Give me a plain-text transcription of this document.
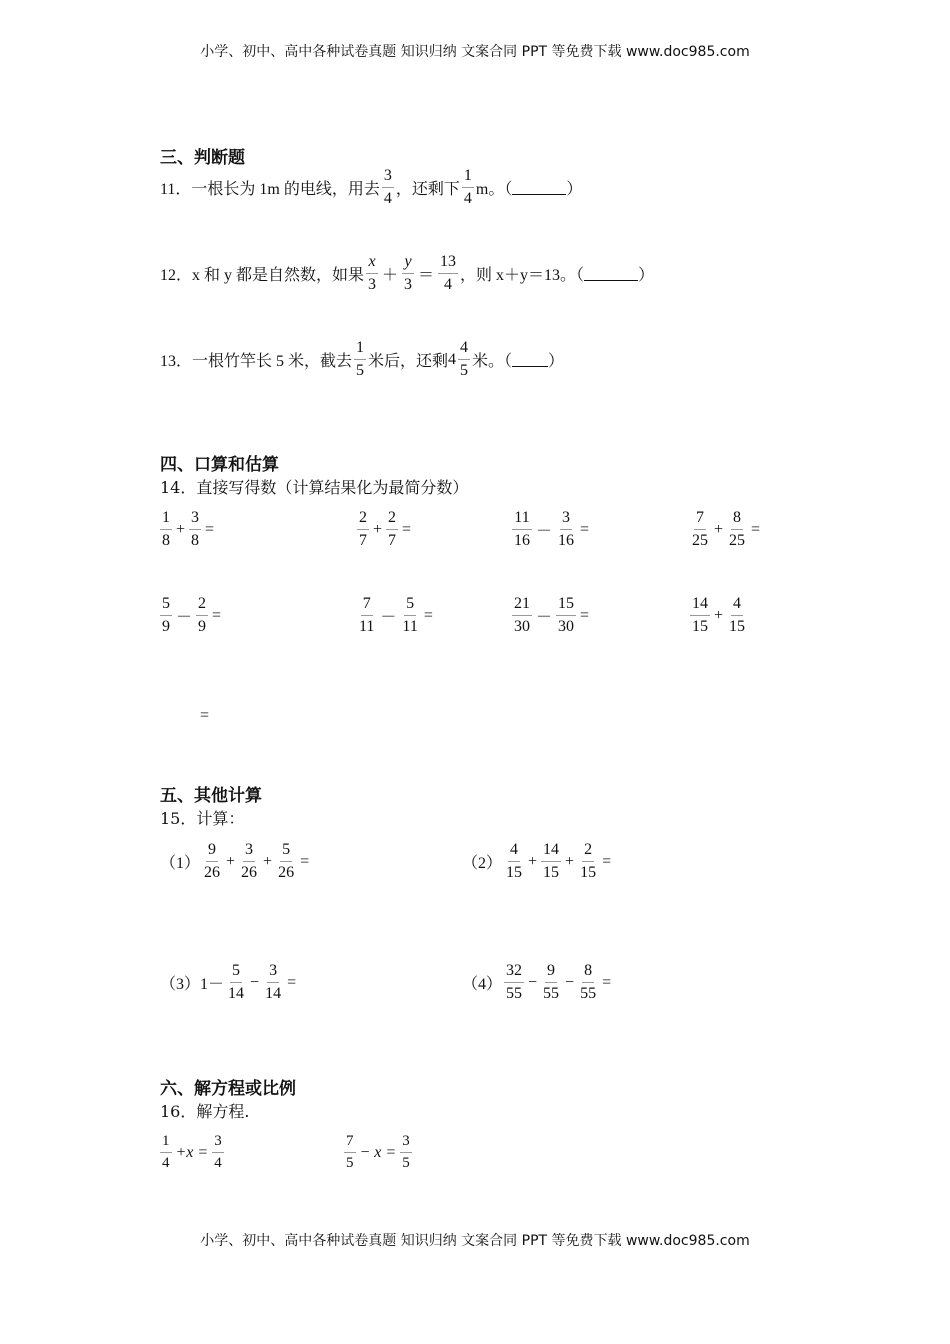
小学、初中、高中各种试卷真题 知识归纳 文案合同 PPT 等免费下载 www.doc985.com
三、判断题
11．一根长为 1m 的电线，用去 $\frac{3}{4}$ ，还剩下 $\frac{1}{4}$ m。（	）
12．x 和 y 都是自然数，如果 $\frac{x}{3} + \frac{y}{3} = \frac{13}{4}$ ，则 x＋y＝13。（	）
13．一根竹竿长 5 米，截去 $\frac{1}{5}$ 米后，还剩 $4 \frac{4}{5}$ 米。（ ）
四、口算和估算
14．直接写得数（计算结果化为最简分数）
$\frac{1}{8} + \frac{3}{8}$ =	$\frac{2}{7} + \frac{2}{7}$ =	$\frac{11}{16} - \frac{3}{16}$ =	$\frac{7}{25} + \frac{8}{25}$ =
$\frac{5}{9} - \frac{2}{9}$ =	$\frac{7}{11} - \frac{5}{11}$ =	$\frac{21}{30} - \frac{15}{30}$ =	$\frac{14}{15} + \frac{4}{15}$
=
五、其他计算
15．计算：
$(1) \frac{9}{26} + \frac{3}{26} + \frac{5}{26}$ =	$(2) \frac{4}{15} + \frac{14}{15} + \frac{2}{15}$ =
（3） $1- \frac{5}{14} - \frac{3}{14}$ =	$(4) \frac{32}{55} - \frac{9}{55} - \frac{8}{55}$ =
六、解方程或比例
16．解方程.
$\frac{1}{4} +x = \frac{3}{4}$	$\frac{7}{5} - x = \frac{3}{5}$
小学、初中、高中各种试卷真题 知识归纳 文案合同 PPT 等免费下载 www.doc985.com
